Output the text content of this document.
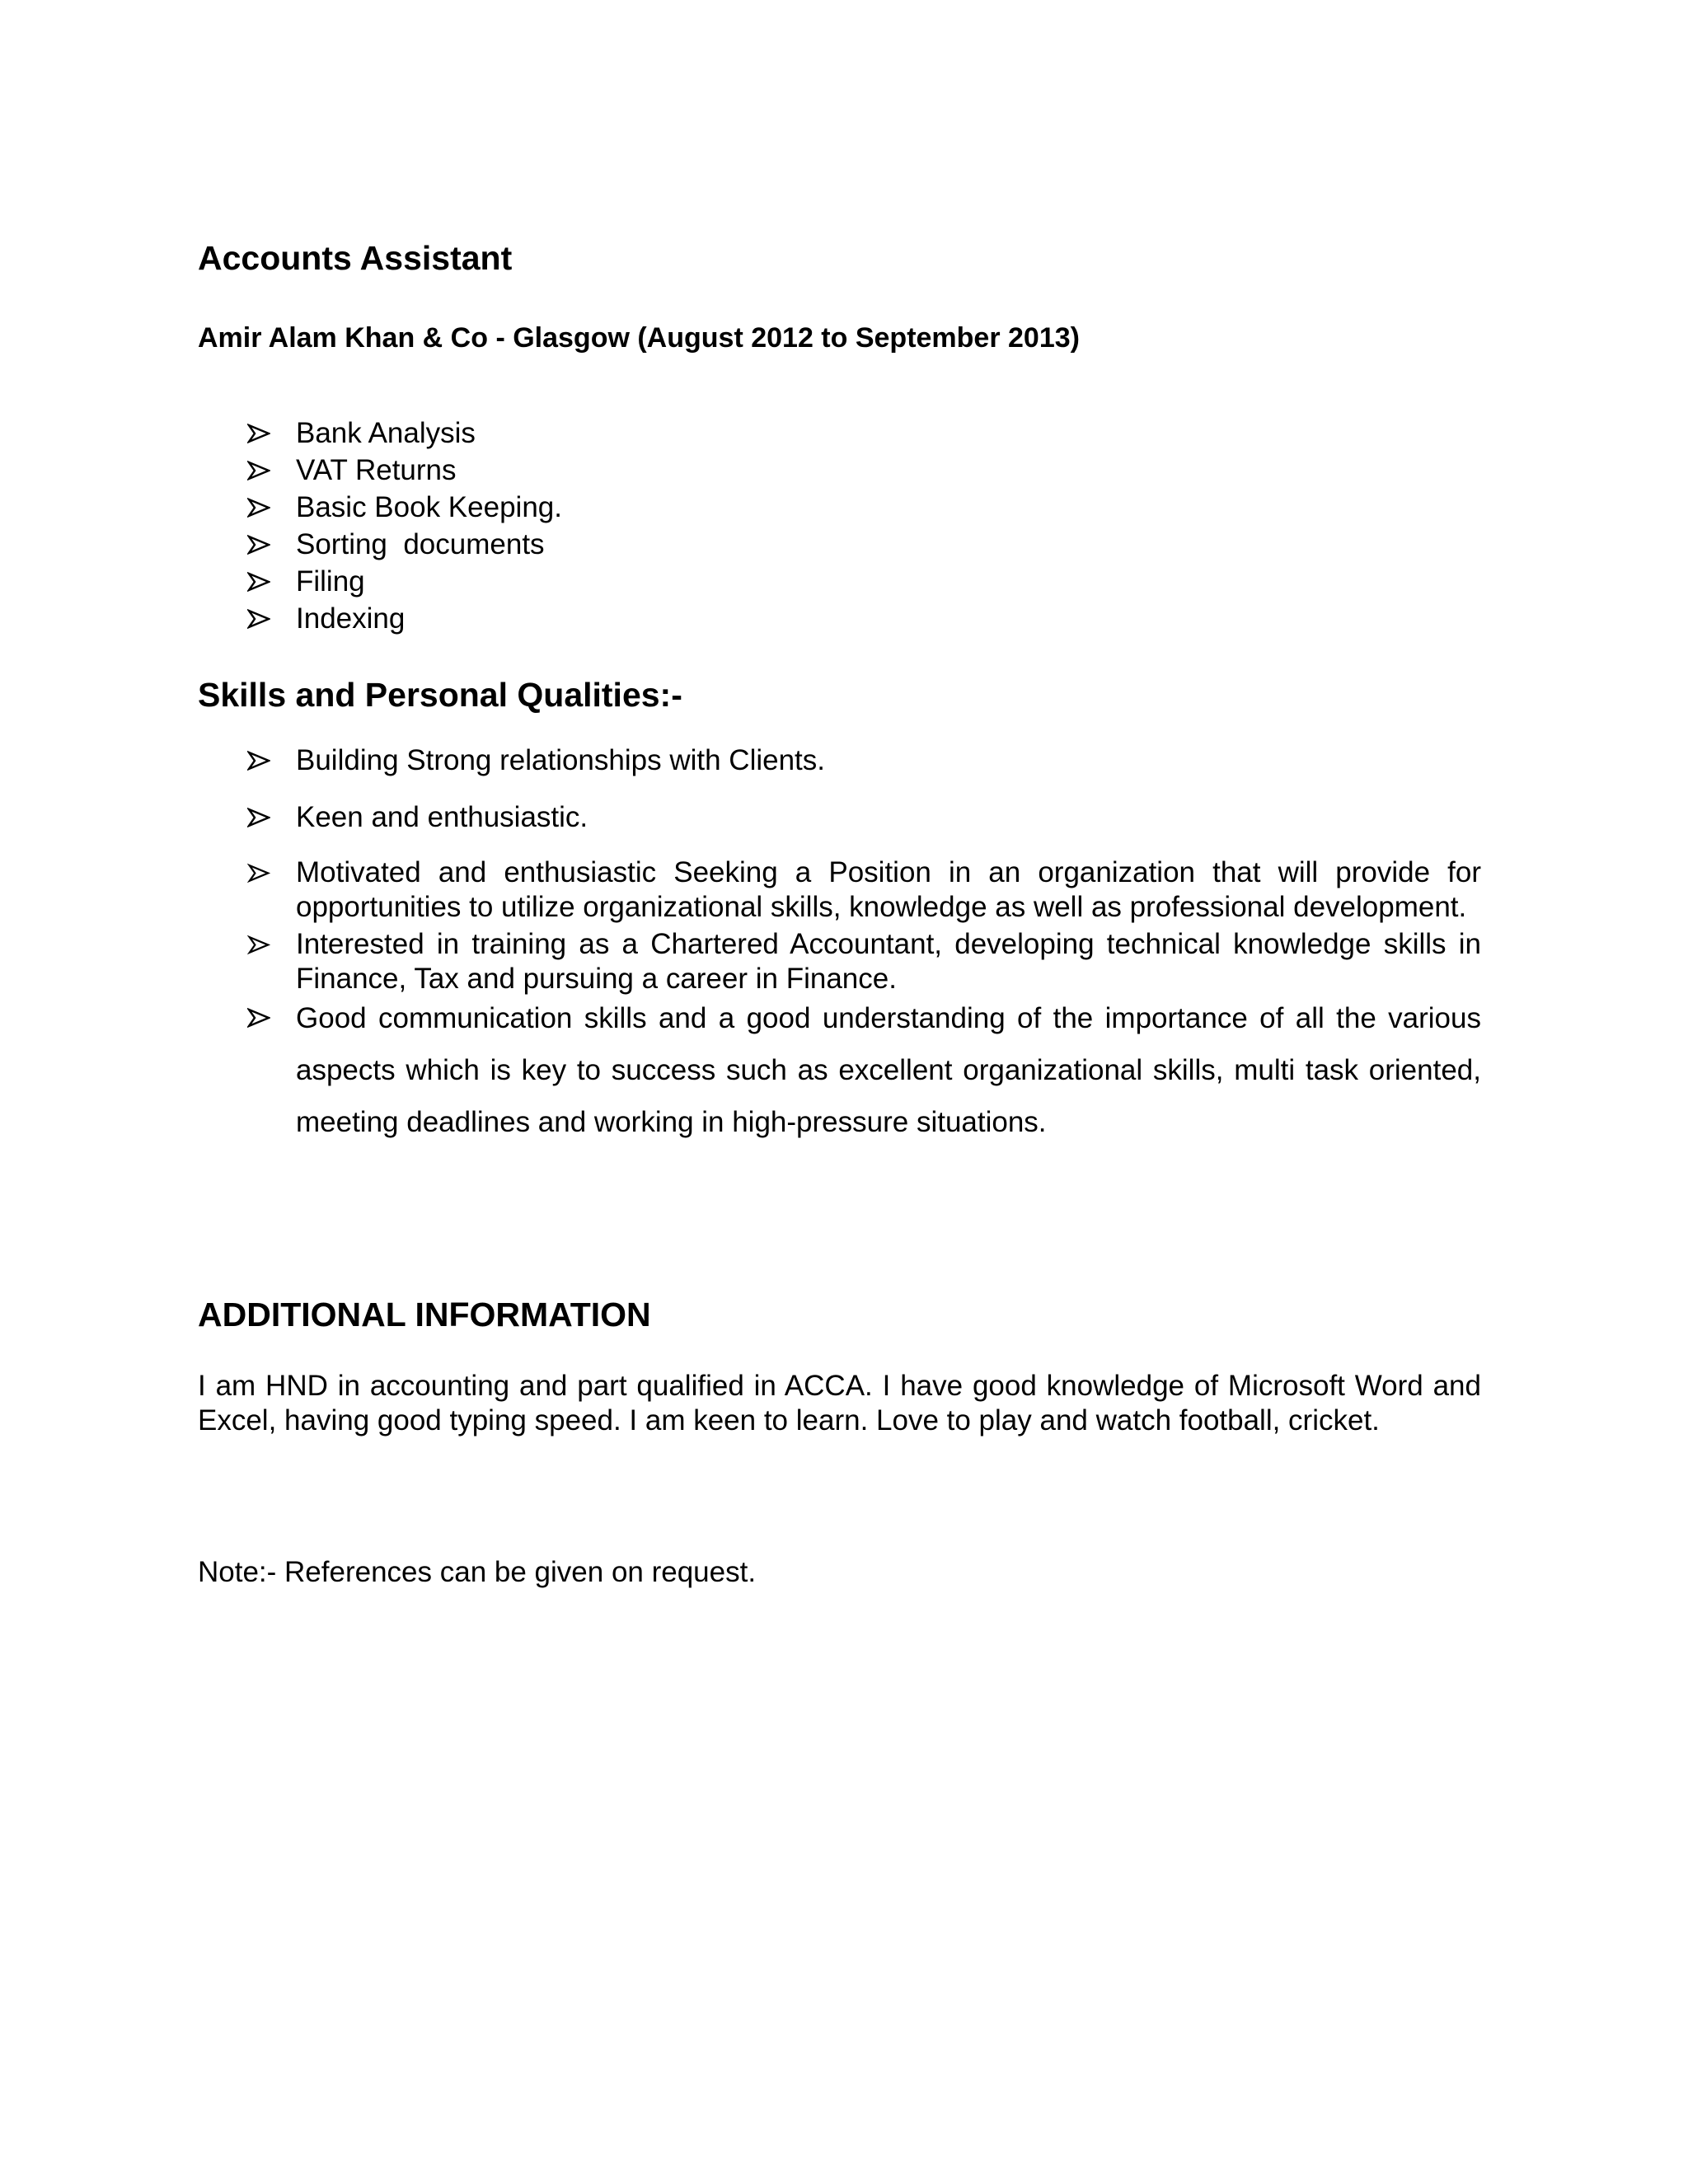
Accounts Assistant
Amir Alam Khan & Co - Glasgow (August 2012 to September 2013)
Bank Analysis
VAT Returns
Basic Book Keeping.
Sorting  documents
Filing
Indexing
Skills and Personal Qualities:-
Building Strong relationships with Clients.
Keen and enthusiastic.
Motivated and enthusiastic Seeking a Position in an organization that will provide for opportunities to utilize organizational skills, knowledge as well as professional development.
Interested in training as a Chartered Accountant, developing technical knowledge skills in Finance, Tax and pursuing a career in Finance.
Good communication skills and a good understanding of the importance of all the various aspects which is key to success such as excellent organizational skills, multi task oriented, meeting deadlines and working in high-pressure situations.
ADDITIONAL INFORMATION

I am HND in accounting and part qualified in ACCA. I have good knowledge of Microsoft Word and Excel, having good typing speed. I am keen to learn. Love to play and watch football, cricket.

Note:- References can be given on request.
